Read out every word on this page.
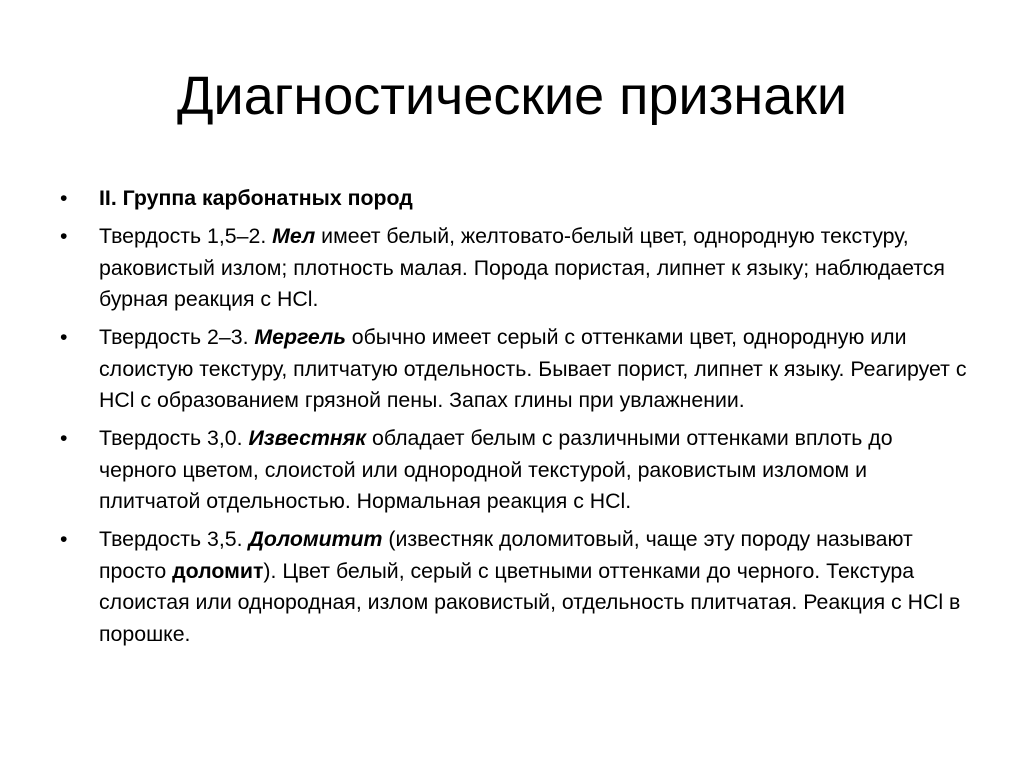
Диагностические признаки
•	II. Группа карбонатных пород
•	Твердость 1,5–2. Мел имеет белый, желтовато-белый цвет, однородную текстуру, раковистый излом; плотность малая. Порода пористая, липнет к языку; наблюдается бурная реакция с HCl.
•	Твердость 2–3. Мергель обычно имеет серый с оттенками цвет, однородную или слоистую текстуру, плитчатую отдельность. Бывает порист, липнет к языку. Реагирует с HCl с образованием грязной пены. Запах глины при увлажнении.
•	Твердость 3,0. Известняк обладает белым с различными оттенками вплоть до черного цветом, слоистой или однородной текстурой, раковистым изломом и плитчатой отдельностью. Нормальная реакция с HCl.
•	Твердость 3,5. Доломитит (известняк доломитовый, чаще эту породу называют просто доломит). Цвет белый, серый с цветными оттенками до черного. Текстура слоистая или однородная, излом раковистый, отдельность плитчатая. Реакция с HCl в порошке.
